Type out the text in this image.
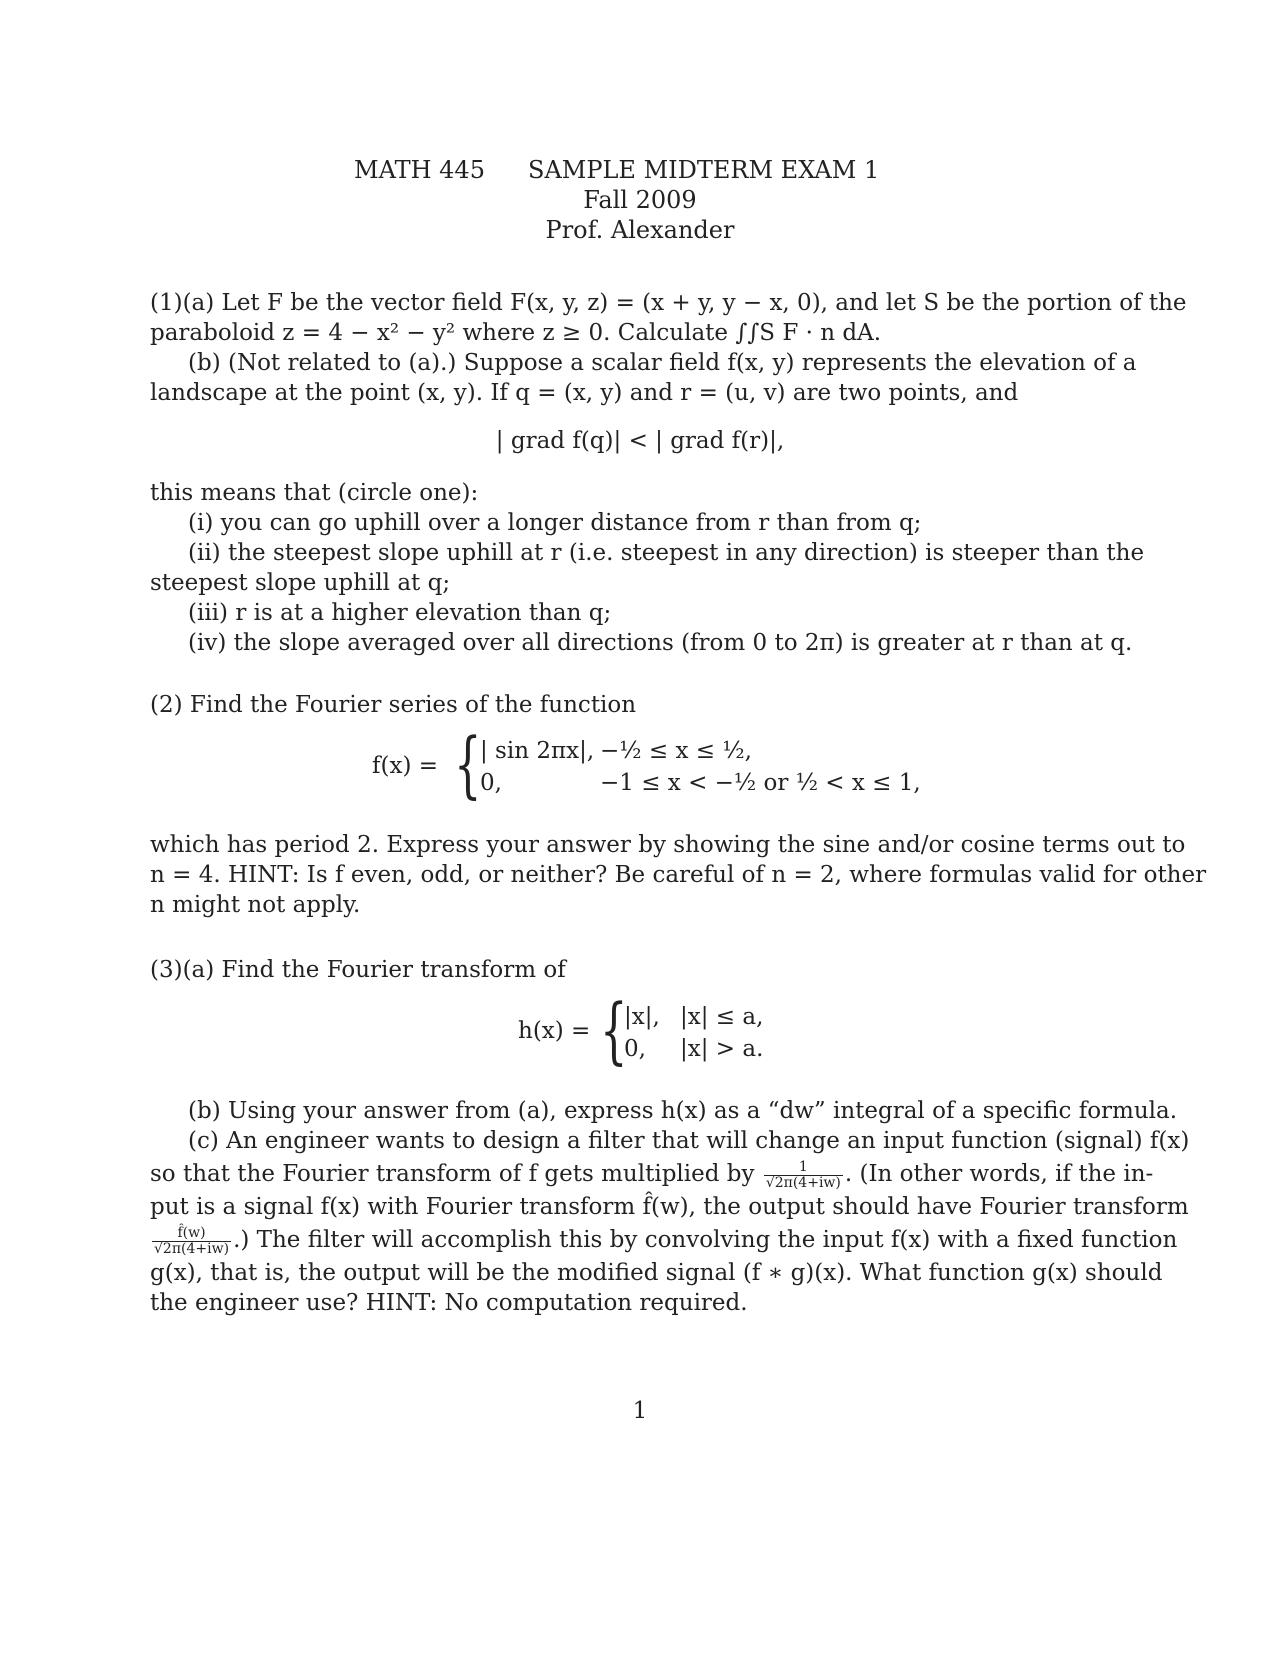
MATH 445 SAMPLE MIDTERM EXAM 1
Fall 2009
Prof. Alexander
(1)(a) Let F be the vector field F(x, y, z) = (x + y, y − x, 0), and let S be the portion of the
paraboloid z = 4 − x² − y² where z ≥ 0. Calculate ∫∫S F · n dA.
(b) (Not related to (a).) Suppose a scalar field f(x, y) represents the elevation of a
landscape at the point (x, y). If q = (x, y) and r = (u, v) are two points, and
| grad f(q)| < | grad f(r)|,
this means that (circle one):
(i) you can go uphill over a longer distance from r than from q;
(ii) the steepest slope uphill at r (i.e. steepest in any direction) is steeper than the
steepest slope uphill at q;
(iii) r is at a higher elevation than q;
(iv) the slope averaged over all directions (from 0 to 2π) is greater at r than at q.
(2) Find the Fourier series of the function
f(x) = {
| sin 2πx|, −½ ≤ x ≤ ½,
0,	−1 ≤ x < −½ or ½ < x ≤ 1,
which has period 2. Express your answer by showing the sine and/or cosine terms out to
n = 4. HINT: Is f even, odd, or neither? Be careful of n = 2, where formulas valid for other
n might not apply.
(3)(a) Find the Fourier transform of
h(x) = {
|x|, |x| ≤ a,
0, |x| > a.
(b) Using your answer from (a), express h(x) as a “dw” integral of a specific formula.
(c) An engineer wants to design a filter that will change an input function (signal) f(x)
so that the Fourier transform of f gets multiplied by $\frac{1}{√2\pi(4+iw)}$ . (In other words, if the in-
put is a signal f(x) with Fourier transform f̂(w), the output should have Fourier transform
$\frac{f̂(w)}{√2\pi(4+iw)}$ .) The filter will accomplish this by convolving the input f(x) with a fixed function
g(x), that is, the output will be the modified signal (f ∗ g)(x). What function g(x) should
the engineer use? HINT: No computation required.
1
